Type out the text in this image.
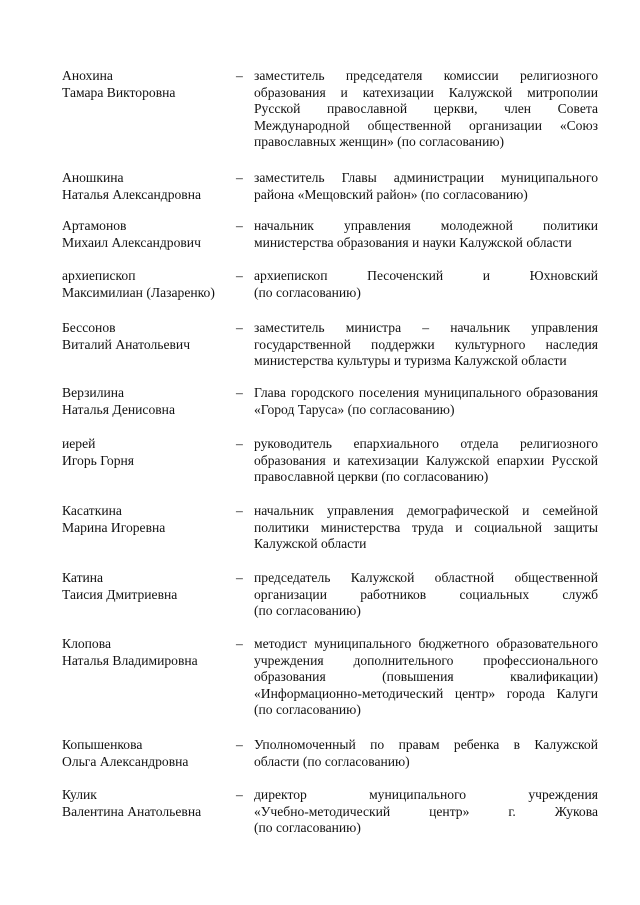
Анохина
Тамара Викторовна
– заместитель председателя комиссии религиозного
образования и катехизации Калужской митрополии
Русской православной церкви, член Совета
Международной общественной организации «Союз
православных женщин» (по согласованию)
Аношкина
Наталья Александровна
– заместитель Главы администрации муниципального
района «Мещовский район» (по согласованию)
Артамонов
Михаил Александрович
– начальник управления молодежной политики
министерства образования и науки Калужской области
архиепископ
Максимилиан (Лазаренко)
– архиепископ Песоченский и Юхновский
(по согласованию)
Бессонов
Виталий Анатольевич
– заместитель министра – начальник управления
государственной поддержки культурного наследия
министерства культуры и туризма Калужской области
Верзилина
Наталья Денисовна
– Глава городского поселения муниципального образования
«Город Таруса» (по согласованию)
иерей
Игорь Горня
– руководитель епархиального отдела религиозного
образования и катехизации Калужской епархии Русской
православной церкви (по согласованию)
Касаткина
Марина Игоревна
– начальник управления демографической и семейной
политики министерства труда и социальной защиты
Калужской области
Катина
Таисия Дмитриевна
– председатель Калужской областной общественной
организации работников социальных служб
(по согласованию)
Клопова
Наталья Владимировна
– методист муниципального бюджетного образовательного
учреждения дополнительного профессионального
образования (повышения квалификации)
«Информационно-методический центр» города Калуги
(по согласованию)
Копышенкова
Ольга Александровна
– Уполномоченный по правам ребенка в Калужской
области (по согласованию)
Кулик
Валентина Анатольевна
– директор муниципального учреждения
«Учебно-методический центр» г. Жукова
(по согласованию)
